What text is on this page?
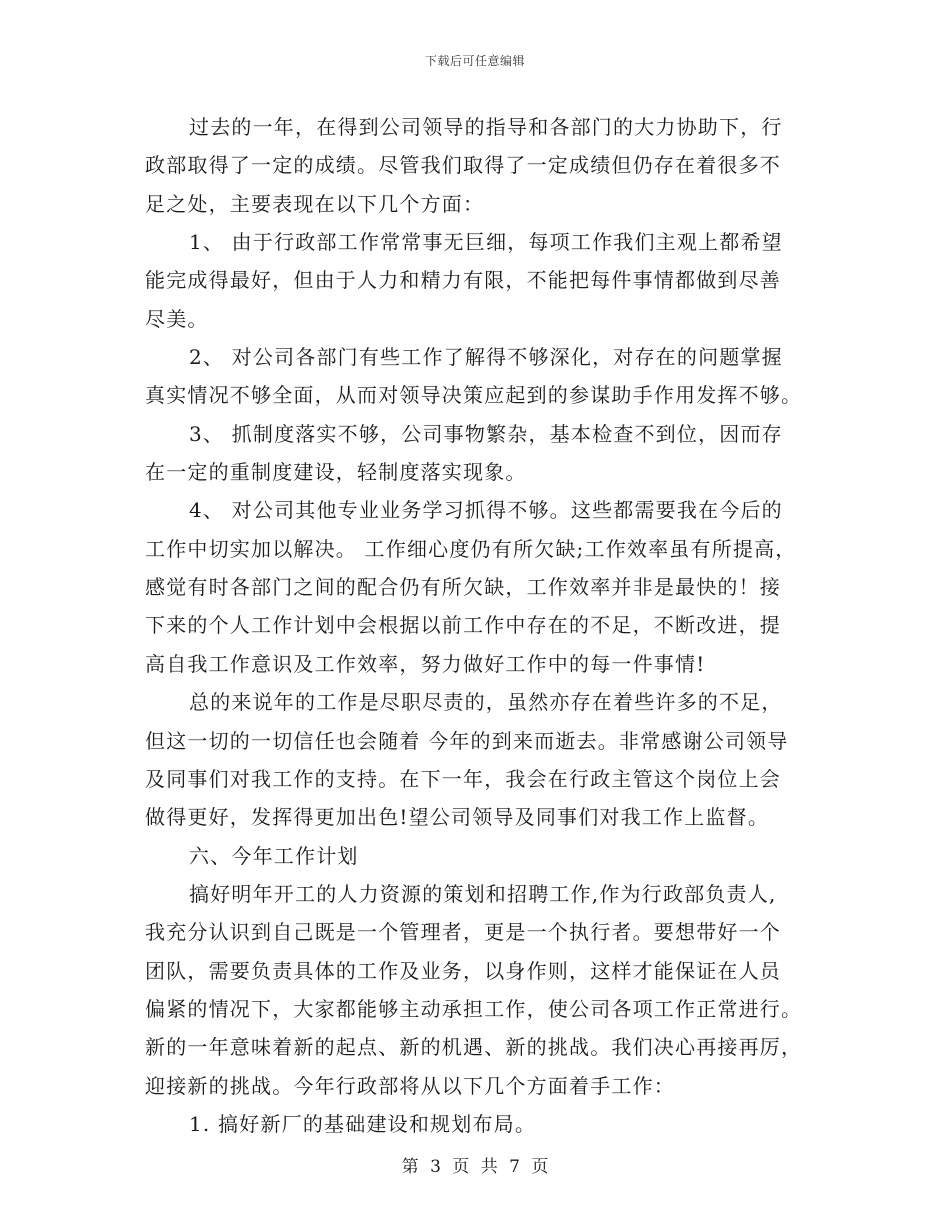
下载后可任意编辑
过去的一年，在得到公司领导的指导和各部门的大力协助下，行
政部取得了一定的成绩。尽管我们取得了一定成绩但仍存在着很多不
足之处，主要表现在以下几个方面：
1、 由于行政部工作常常事无巨细，每项工作我们主观上都希望
能完成得最好，但由于人力和精力有限，不能把每件事情都做到尽善
尽美。
2、 对公司各部门有些工作了解得不够深化，对存在的问题掌握
真实情况不够全面，从而对领导决策应起到的参谋助手作用发挥不够。
3、 抓制度落实不够，公司事物繁杂，基本检查不到位，因而存
在一定的重制度建设，轻制度落实现象。
4、 对公司其他专业业务学习抓得不够。这些都需要我在今后的
工作中切实加以解决。 工作细心度仍有所欠缺;工作效率虽有所提高，
感觉有时各部门之间的配合仍有所欠缺，工作效率并非是最快的！接
下来的个人工作计划中会根据以前工作中存在的不足，不断改进，提
高自我工作意识及工作效率，努力做好工作中的每一件事情!
总的来说年的工作是尽职尽责的，虽然亦存在着些许多的不足，
但这一切的一切信任也会随着 今年的到来而逝去。非常感谢公司领导
及同事们对我工作的支持。在下一年，我会在行政主管这个岗位上会
做得更好，发挥得更加出色!望公司领导及同事们对我工作上监督。
六、今年工作计划
搞好明年开工的人力资源的策划和招聘工作,作为行政部负责人,
我充分认识到自己既是一个管理者，更是一个执行者。要想带好一个
团队，需要负责具体的工作及业务，以身作则，这样才能保证在人员
偏紧的情况下，大家都能够主动承担工作，使公司各项工作正常进行。
新的一年意味着新的起点、新的机遇、新的挑战。我们决心再接再厉，
迎接新的挑战。今年行政部将从以下几个方面着手工作：
1. 搞好新厂的基础建设和规划布局。
第 3 页 共 7 页
